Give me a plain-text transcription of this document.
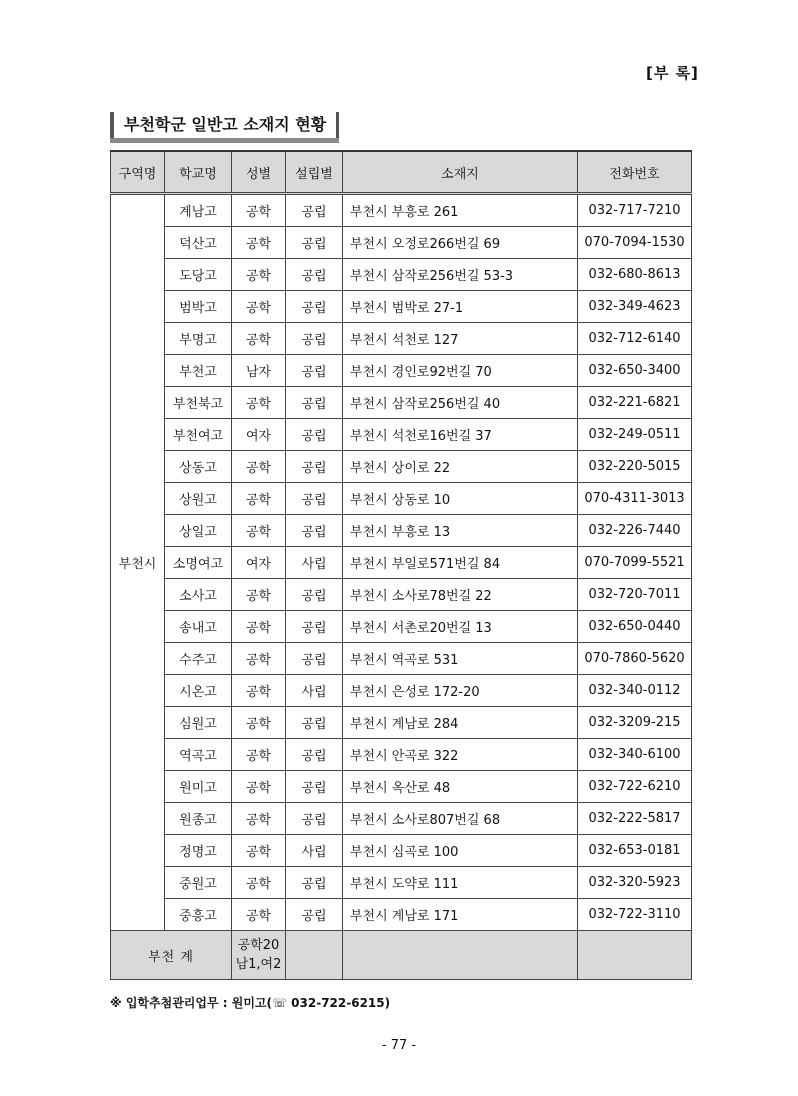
[부 록]
부천학군 일반고 소재지 현황
구역명	학교명	성별	설립별	소재지	전화번호
부천시	계남고	공학	공립	부천시 부흥로 261	032-717-7210
	덕산고	공학	공립	부천시 오정로266번길 69	070-7094-1530
	도당고	공학	공립	부천시 삼작로256번길 53-3	032-680-8613
	범박고	공학	공립	부천시 범박로 27-1	032-349-4623
	부명고	공학	공립	부천시 석천로 127	032-712-6140
	부천고	남자	공립	부천시 경인로92번길 70	032-650-3400
	부천북고	공학	공립	부천시 삼작로256번길 40	032-221-6821
	부천여고	여자	공립	부천시 석천로16번길 37	032-249-0511
	상동고	공학	공립	부천시 상이로 22	032-220-5015
	상원고	공학	공립	부천시 상동로 10	070-4311-3013
	상일고	공학	공립	부천시 부흥로 13	032-226-7440
	소명여고	여자	사립	부천시 부일로571번길 84	070-7099-5521
	소사고	공학	공립	부천시 소사로78번길 22	032-720-7011
	송내고	공학	공립	부천시 서촌로20번길 13	032-650-0440
	수주고	공학	공립	부천시 역곡로 531	070-7860-5620
	시온고	공학	사립	부천시 은성로 172-20	032-340-0112
	심원고	공학	공립	부천시 계남로 284	032-3209-215
	역곡고	공학	공립	부천시 안곡로 322	032-340-6100
	원미고	공학	공립	부천시 옥산로 48	032-722-6210
	원종고	공학	공립	부천시 소사로807번길 68	032-222-5817
	정명고	공학	사립	부천시 심곡로 100	032-653-0181
	중원고	공학	공립	부천시 도약로 111	032-320-5923
	중흥고	공학	공립	부천시 계남로 171	032-722-3110
부천 계		공학20
남1,여2			

※ 입학추첨관리업무 : 원미고(☏ 032-722-6215)
- 77 -
